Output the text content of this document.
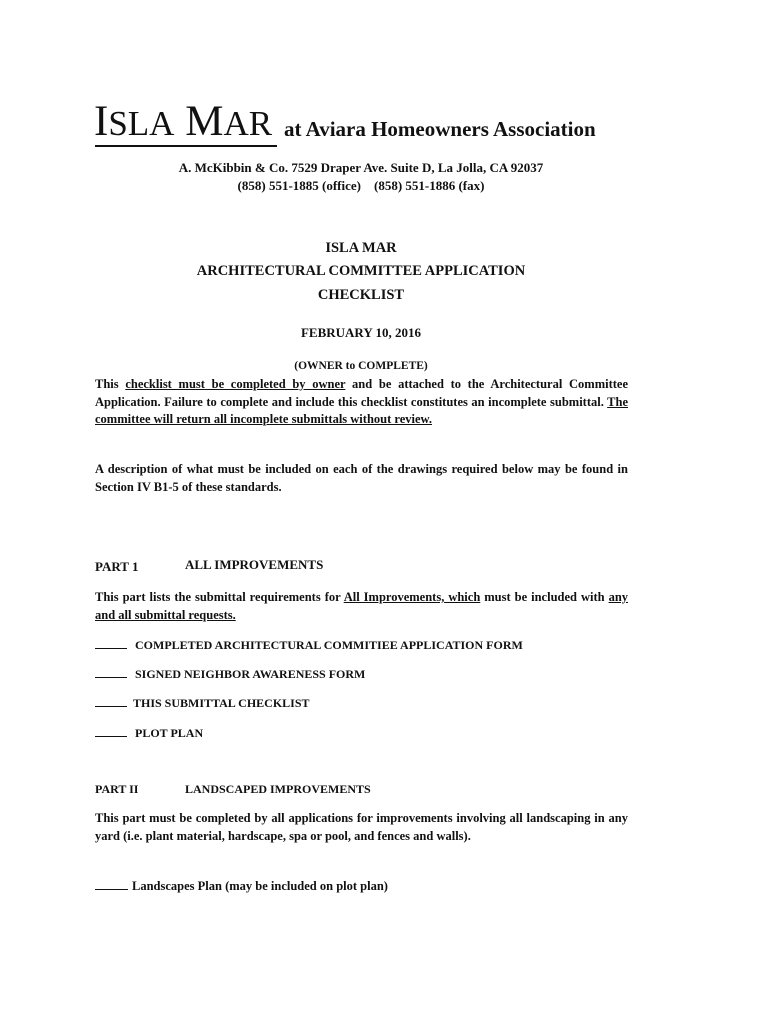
ISLA MAR at Aviara Homeowners Association
A. McKibbin & Co. 7529 Draper Ave. Suite D, La Jolla, CA 92037
(858) 551-1885 (office)    (858) 551-1886 (fax)
ISLA MAR
ARCHITECTURAL COMMITTEE APPLICATION
CHECKLIST
FEBRUARY 10, 2016
(OWNER to COMPLETE)
This checklist must be completed by owner and be attached to the Architectural Committee Application. Failure to complete and include this checklist constitutes an incomplete submittal. The committee will return all incomplete submittals without review.
A description of what must be included on each of the drawings required below may be found in Section IV B1-5 of these standards.
PART 1	ALL IMPROVEMENTS
This part lists the submittal requirements for All Improvements, which must be included with any and all submittal requests.
COMPLETED ARCHITECTURAL COMMITIEE APPLICATION FORM
SIGNED NEIGHBOR AWARENESS FORM
THIS SUBMITTAL CHECKLIST
PLOT PLAN
PART II	LANDSCAPED IMPROVEMENTS
This part must be completed by all applications for improvements involving all landscaping in any yard (i.e. plant material, hardscape, spa or pool, and fences and walls).
Landscapes Plan (may be included on plot plan)
